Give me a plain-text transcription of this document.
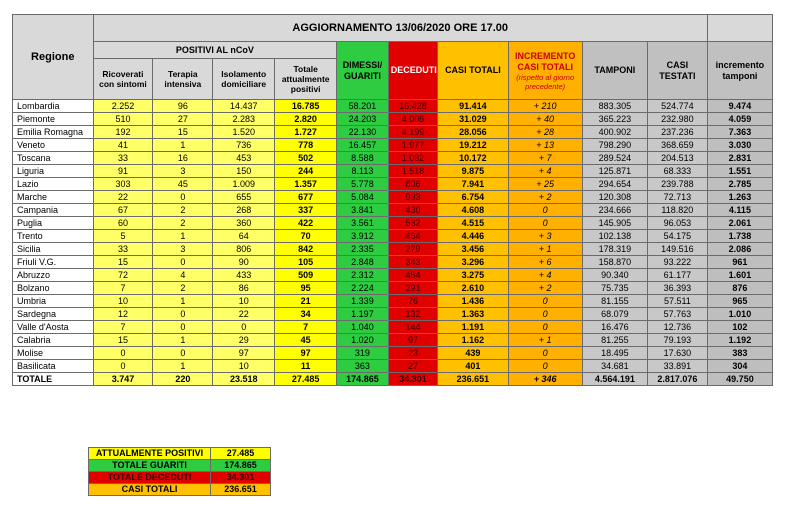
Regione	AGGIORNAMENTO 13/06/2020 ORE 17.00										
	POSITIVI AL nCoV				DIMESSI/ GUARITI	DECEDUTI	CASI TOTALI	INCREMENTO CASI TOTALI
(rispetto al giorno precedente)	TAMPONI	CASI TESTATI	incremento tamponi
	Ricoverati con sintomi	Terapia intensiva	Isolamento domiciliare	Totale attualmente positivi							
Lombardia	2.252	96	14.437	16.785	58.201	16.428	91.414	+ 210	883.305	524.774	9.474
Piemonte	510	27	2.283	2.820	24.203	4.006	31.029	+ 40	365.223	232.980	4.059
Emilia Romagna	192	15	1.520	1.727	22.130	4.199	28.056	+ 28	400.902	237.236	7.363
Veneto	41	1	736	778	16.457	1.977	19.212	+ 13	798.290	368.659	3.030
Toscana	33	16	453	502	8.588	1.082	10.172	+ 7	289.524	204.513	2.831
Liguria	91	3	150	244	8.113	1.518	9.875	+ 4	125.871	68.333	1.551
Lazio	303	45	1.009	1.357	5.778	806	7.941	+ 25	294.654	239.788	2.785
Marche	22	0	655	677	5.084	993	6.754	+ 2	120.308	72.713	1.263
Campania	67	2	268	337	3.841	430	4.608	0	234.666	118.820	4.115
Puglia	60	2	360	422	3.561	532	4.515	0	145.905	96.053	2.061
Trento	5	1	64	70	3.912	464	4.446	+ 3	102.138	54.175	1.738
Sicilia	33	3	806	842	2.335	279	3.456	+ 1	178.319	149.516	2.086
Friuli V.G.	15	0	90	105	2.848	343	3.296	+ 6	158.870	93.222	961
Abruzzo	72	4	433	509	2.312	454	3.275	+ 4	90.340	61.177	1.601
Bolzano	7	2	86	95	2.224	291	2.610	+ 2	75.735	36.393	876
Umbria	10	1	10	21	1.339	76	1.436	0	81.155	57.511	965
Sardegna	12	0	22	34	1.197	132	1.363	0	68.079	57.763	1.010
Valle d'Aosta	7	0	0	7	1.040	144	1.191	0	16.476	12.736	102
Calabria	15	1	29	45	1.020	97	1.162	+ 1	81.255	79.193	1.192
Molise	0	0	97	97	319	23	439	0	18.495	17.630	383
Basilicata	0	1	10	11	363	27	401	0	34.681	33.891	304
TOTALE	3.747	220	23.518	27.485	174.865	34.301	236.651	+ 346	4.564.191	2.817.076	49.750
ATTUALMENTE POSITIVI	27.485
TOTALE GUARITI	174.865
TOTALE DECEDUTI	34.301
CASI TOTALI	236.651
